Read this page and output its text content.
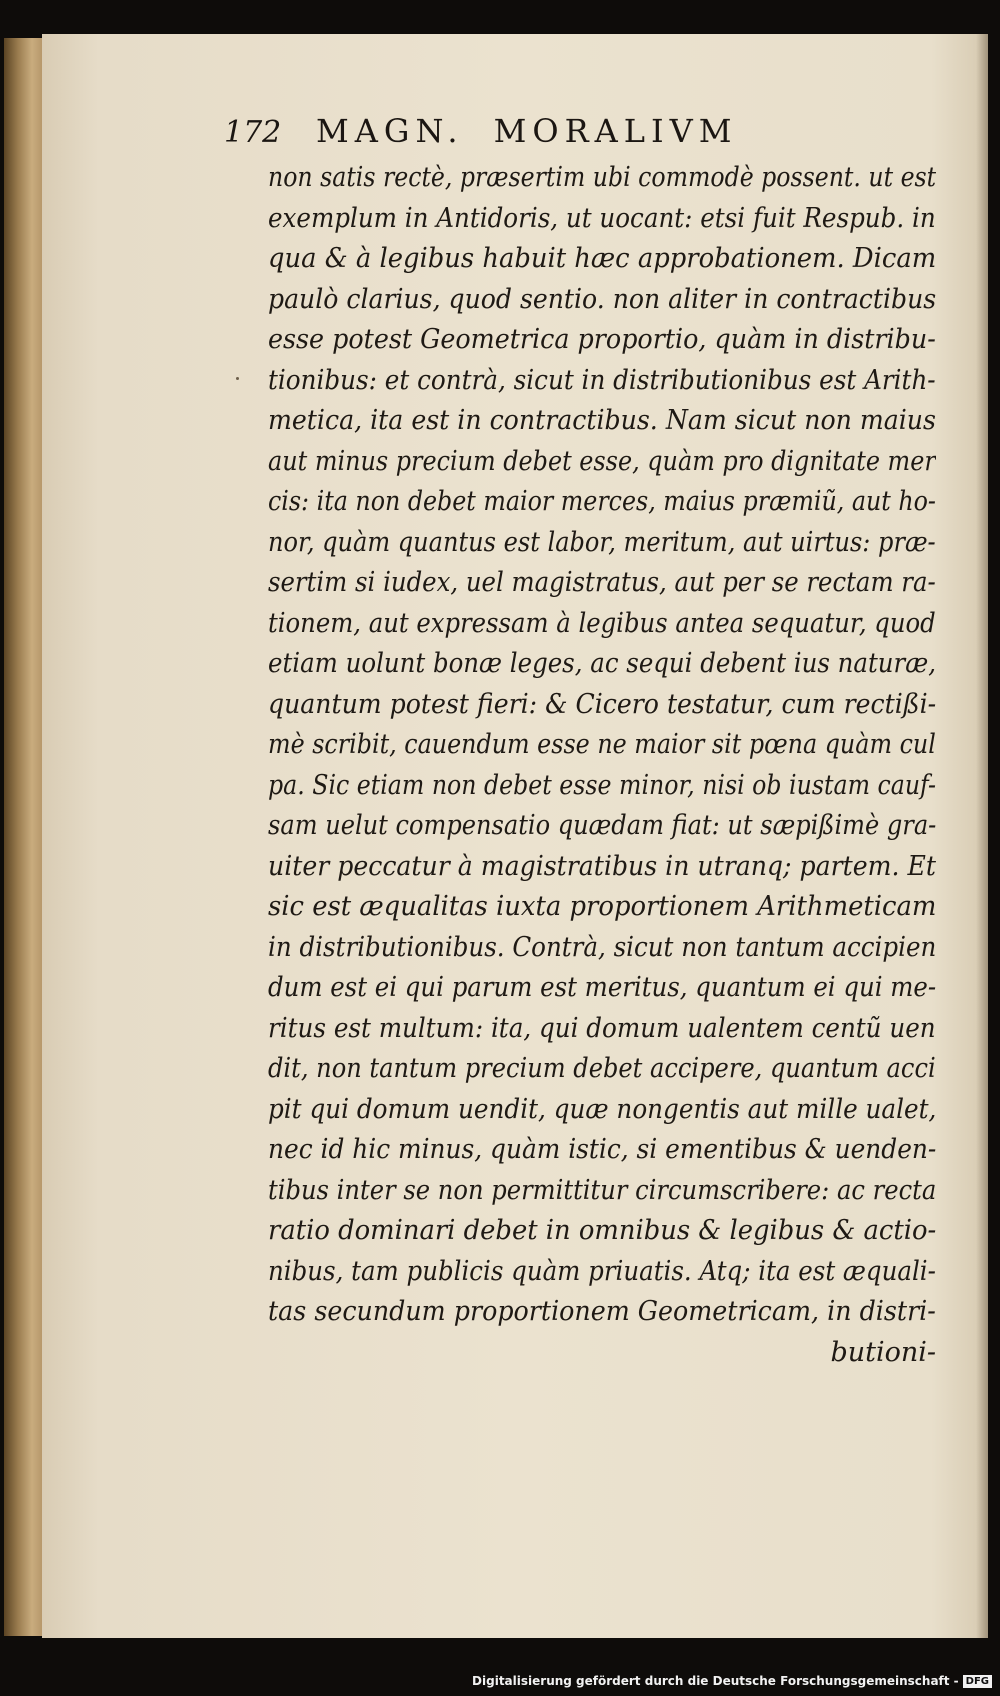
172 MAGN. MORALIVM
non satis rectè, præsertim ubi commodè possent. ut est
exemplum in Antidoris, ut uocant: etsi fuit Respub. in
qua & à legibus habuit hæc approbationem. Dicam
paulò clarius, quod sentio. non aliter in contractibus
esse potest Geometrica proportio, quàm in distribu-
tionibus: et contrà, sicut in distributionibus est Arith-
metica, ita est in contractibus. Nam sicut non maius
aut minus precium debet esse, quàm pro dignitate mer
cis: ita non debet maior merces, maius præmiũ, aut ho-
nor, quàm quantus est labor, meritum, aut uirtus: præ-
sertim si iudex, uel magistratus, aut per se rectam ra-
tionem, aut expressam à legibus antea sequatur, quod
etiam uolunt bonæ leges, ac sequi debent ius naturæ,
quantum potest fieri: & Cicero testatur, cum rectißi-
mè scribit, cauendum esse ne maior sit pœna quàm cul
pa. Sic etiam non debet esse minor, nisi ob iustam cauf-
sam uelut compensatio quædam fiat: ut sæpißimè gra-
uiter peccatur à magistratibus in utranq; partem. Et
sic est æqualitas iuxta proportionem Arithmeticam
in distributionibus. Contrà, sicut non tantum accipien
dum est ei qui parum est meritus, quantum ei qui me-
ritus est multum: ita, qui domum ualentem centũ uen
dit, non tantum precium debet accipere, quantum acci
pit qui domum uendit, quæ nongentis aut mille ualet,
nec id hic minus, quàm istic, si ementibus & uenden-
tibus inter se non permittitur circumscribere: ac recta
ratio dominari debet in omnibus & legibus & actio-
nibus, tam publicis quàm priuatis. Atq; ita est æquali-
tas secundum proportionem Geometricam, in distri-
butioni-
Digitalisierung gefördert durch die Deutsche Forschungsgemeinschaft - DFG
